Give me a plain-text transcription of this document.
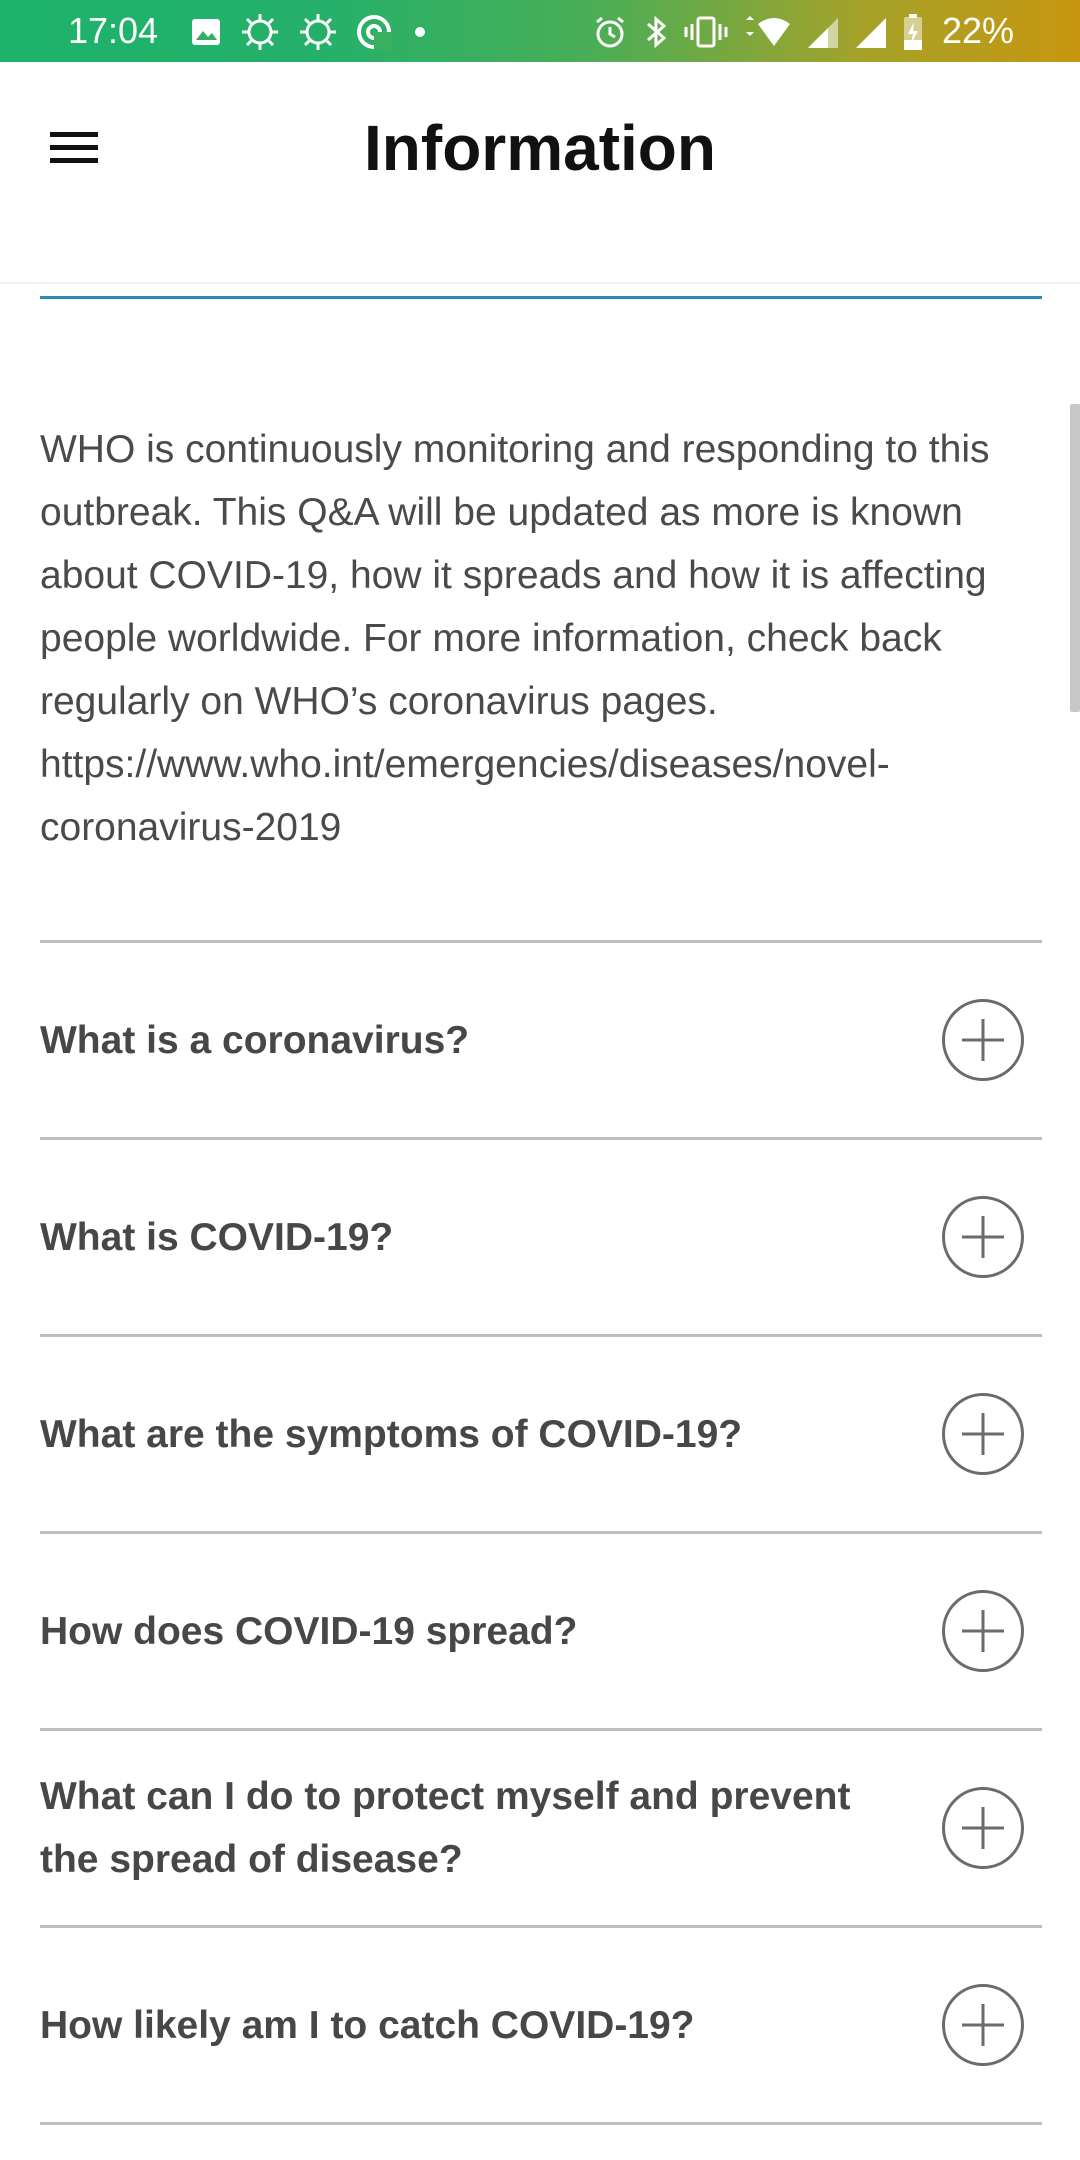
17:04	22%
Information

WHO is continuously monitoring and responding to this outbreak. This Q&A will be updated as more is known about COVID-19, how it spreads and how it is affecting people worldwide. For more information, check back regularly on WHO’s coronavirus pages. https://www.who.int/emergencies/diseases/novel-coronavirus-2019

What is a coronavirus?
What is COVID-19?
What are the symptoms of COVID-19?
How does COVID-19 spread?
What can I do to protect myself and prevent the spread of disease?
How likely am I to catch COVID-19?
